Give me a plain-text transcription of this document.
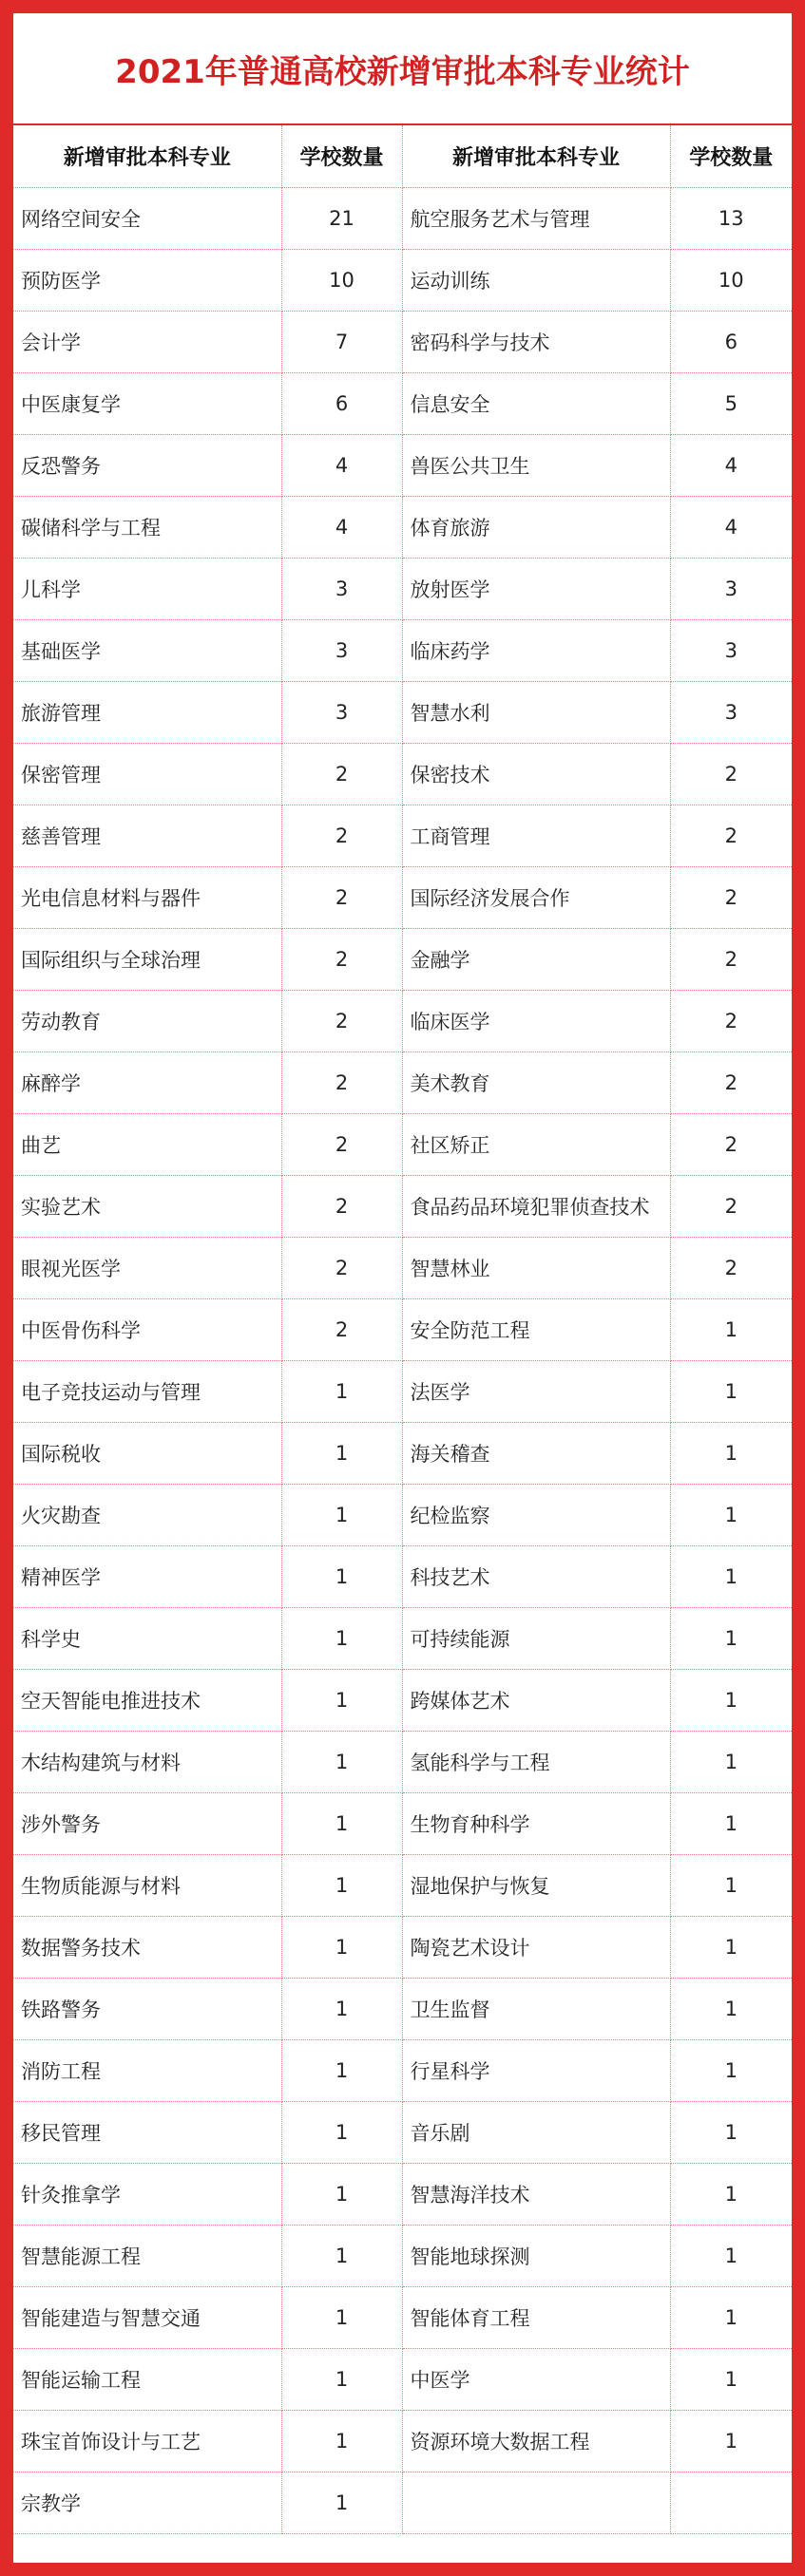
2021年普通高校新增审批本科专业统计
新增审批本科专业	学校数量	新增审批本科专业	学校数量
网络空间安全	21	航空服务艺术与管理	13
预防医学	10	运动训练	10
会计学	7	密码科学与技术	6
中医康复学	6	信息安全	5
反恐警务	4	兽医公共卫生	4
碳储科学与工程	4	体育旅游	4
儿科学	3	放射医学	3
基础医学	3	临床药学	3
旅游管理	3	智慧水利	3
保密管理	2	保密技术	2
慈善管理	2	工商管理	2
光电信息材料与器件	2	国际经济发展合作	2
国际组织与全球治理	2	金融学	2
劳动教育	2	临床医学	2
麻醉学	2	美术教育	2
曲艺	2	社区矫正	2
实验艺术	2	食品药品环境犯罪侦查技术	2
眼视光医学	2	智慧林业	2
中医骨伤科学	2	安全防范工程	1
电子竞技运动与管理	1	法医学	1
国际税收	1	海关稽查	1
火灾勘查	1	纪检监察	1
精神医学	1	科技艺术	1
科学史	1	可持续能源	1
空天智能电推进技术	1	跨媒体艺术	1
木结构建筑与材料	1	氢能科学与工程	1
涉外警务	1	生物育种科学	1
生物质能源与材料	1	湿地保护与恢复	1
数据警务技术	1	陶瓷艺术设计	1
铁路警务	1	卫生监督	1
消防工程	1	行星科学	1
移民管理	1	音乐剧	1
针灸推拿学	1	智慧海洋技术	1
智慧能源工程	1	智能地球探测	1
智能建造与智慧交通	1	智能体育工程	1
智能运输工程	1	中医学	1
珠宝首饰设计与工艺	1	资源环境大数据工程	1
宗教学	1		
